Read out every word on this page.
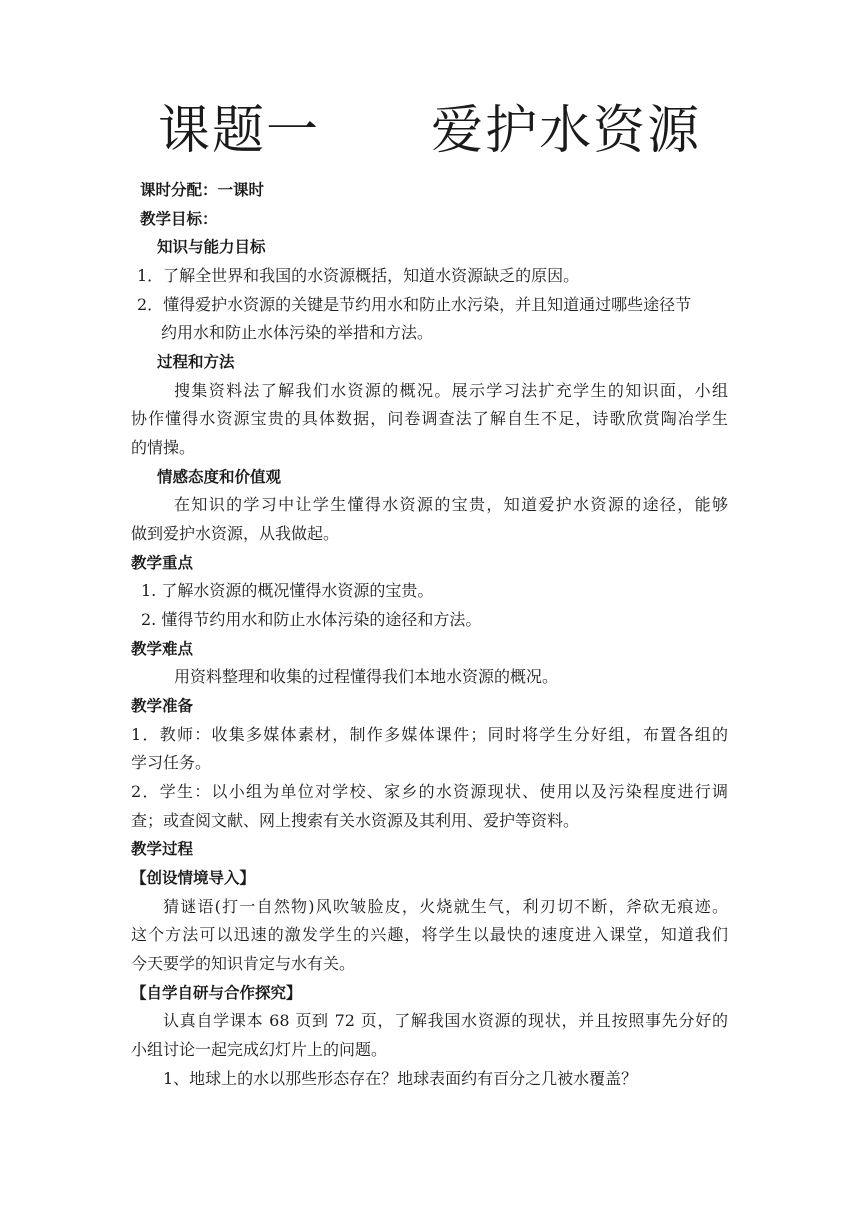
课题一      爱护水资源
课时分配：一课时
教学目标：
知识与能力目标
1．了解全世界和我国的水资源概括，知道水资源缺乏的原因。
2．懂得爱护水资源的关键是节约用水和防止水污染，并且知道通过哪些途径节
约用水和防止水体污染的举措和方法。
过程和方法
搜集资料法了解我们水资源的概况。展示学习法扩充学生的知识面，小组
协作懂得水资源宝贵的具体数据，问卷调查法了解自生不足，诗歌欣赏陶冶学生
的情操。
情感态度和价值观
在知识的学习中让学生懂得水资源的宝贵，知道爱护水资源的途径，能够
做到爱护水资源，从我做起。
教学重点
1. 了解水资源的概况懂得水资源的宝贵。
2. 懂得节约用水和防止水体污染的途径和方法。
教学难点
用资料整理和收集的过程懂得我们本地水资源的概况。
教学准备
1．教师：收集多媒体素材，制作多媒体课件；同时将学生分好组，布置各组的
学习任务。
2．学生：以小组为单位对学校、家乡的水资源现状、使用以及污染程度进行调
查；或查阅文献、网上搜索有关水资源及其利用、爱护等资料。
教学过程
【创设情境导入】
猜谜语(打一自然物)风吹皱脸皮，火烧就生气，利刃切不断，斧砍无痕迹。
这个方法可以迅速的激发学生的兴趣，将学生以最快的速度进入课堂，知道我们
今天要学的知识肯定与水有关。
【自学自研与合作探究】
认真自学课本 68 页到 72 页，了解我国水资源的现状，并且按照事先分好的
小组讨论一起完成幻灯片上的问题。
1、地球上的水以那些形态存在？地球表面约有百分之几被水覆盖？
